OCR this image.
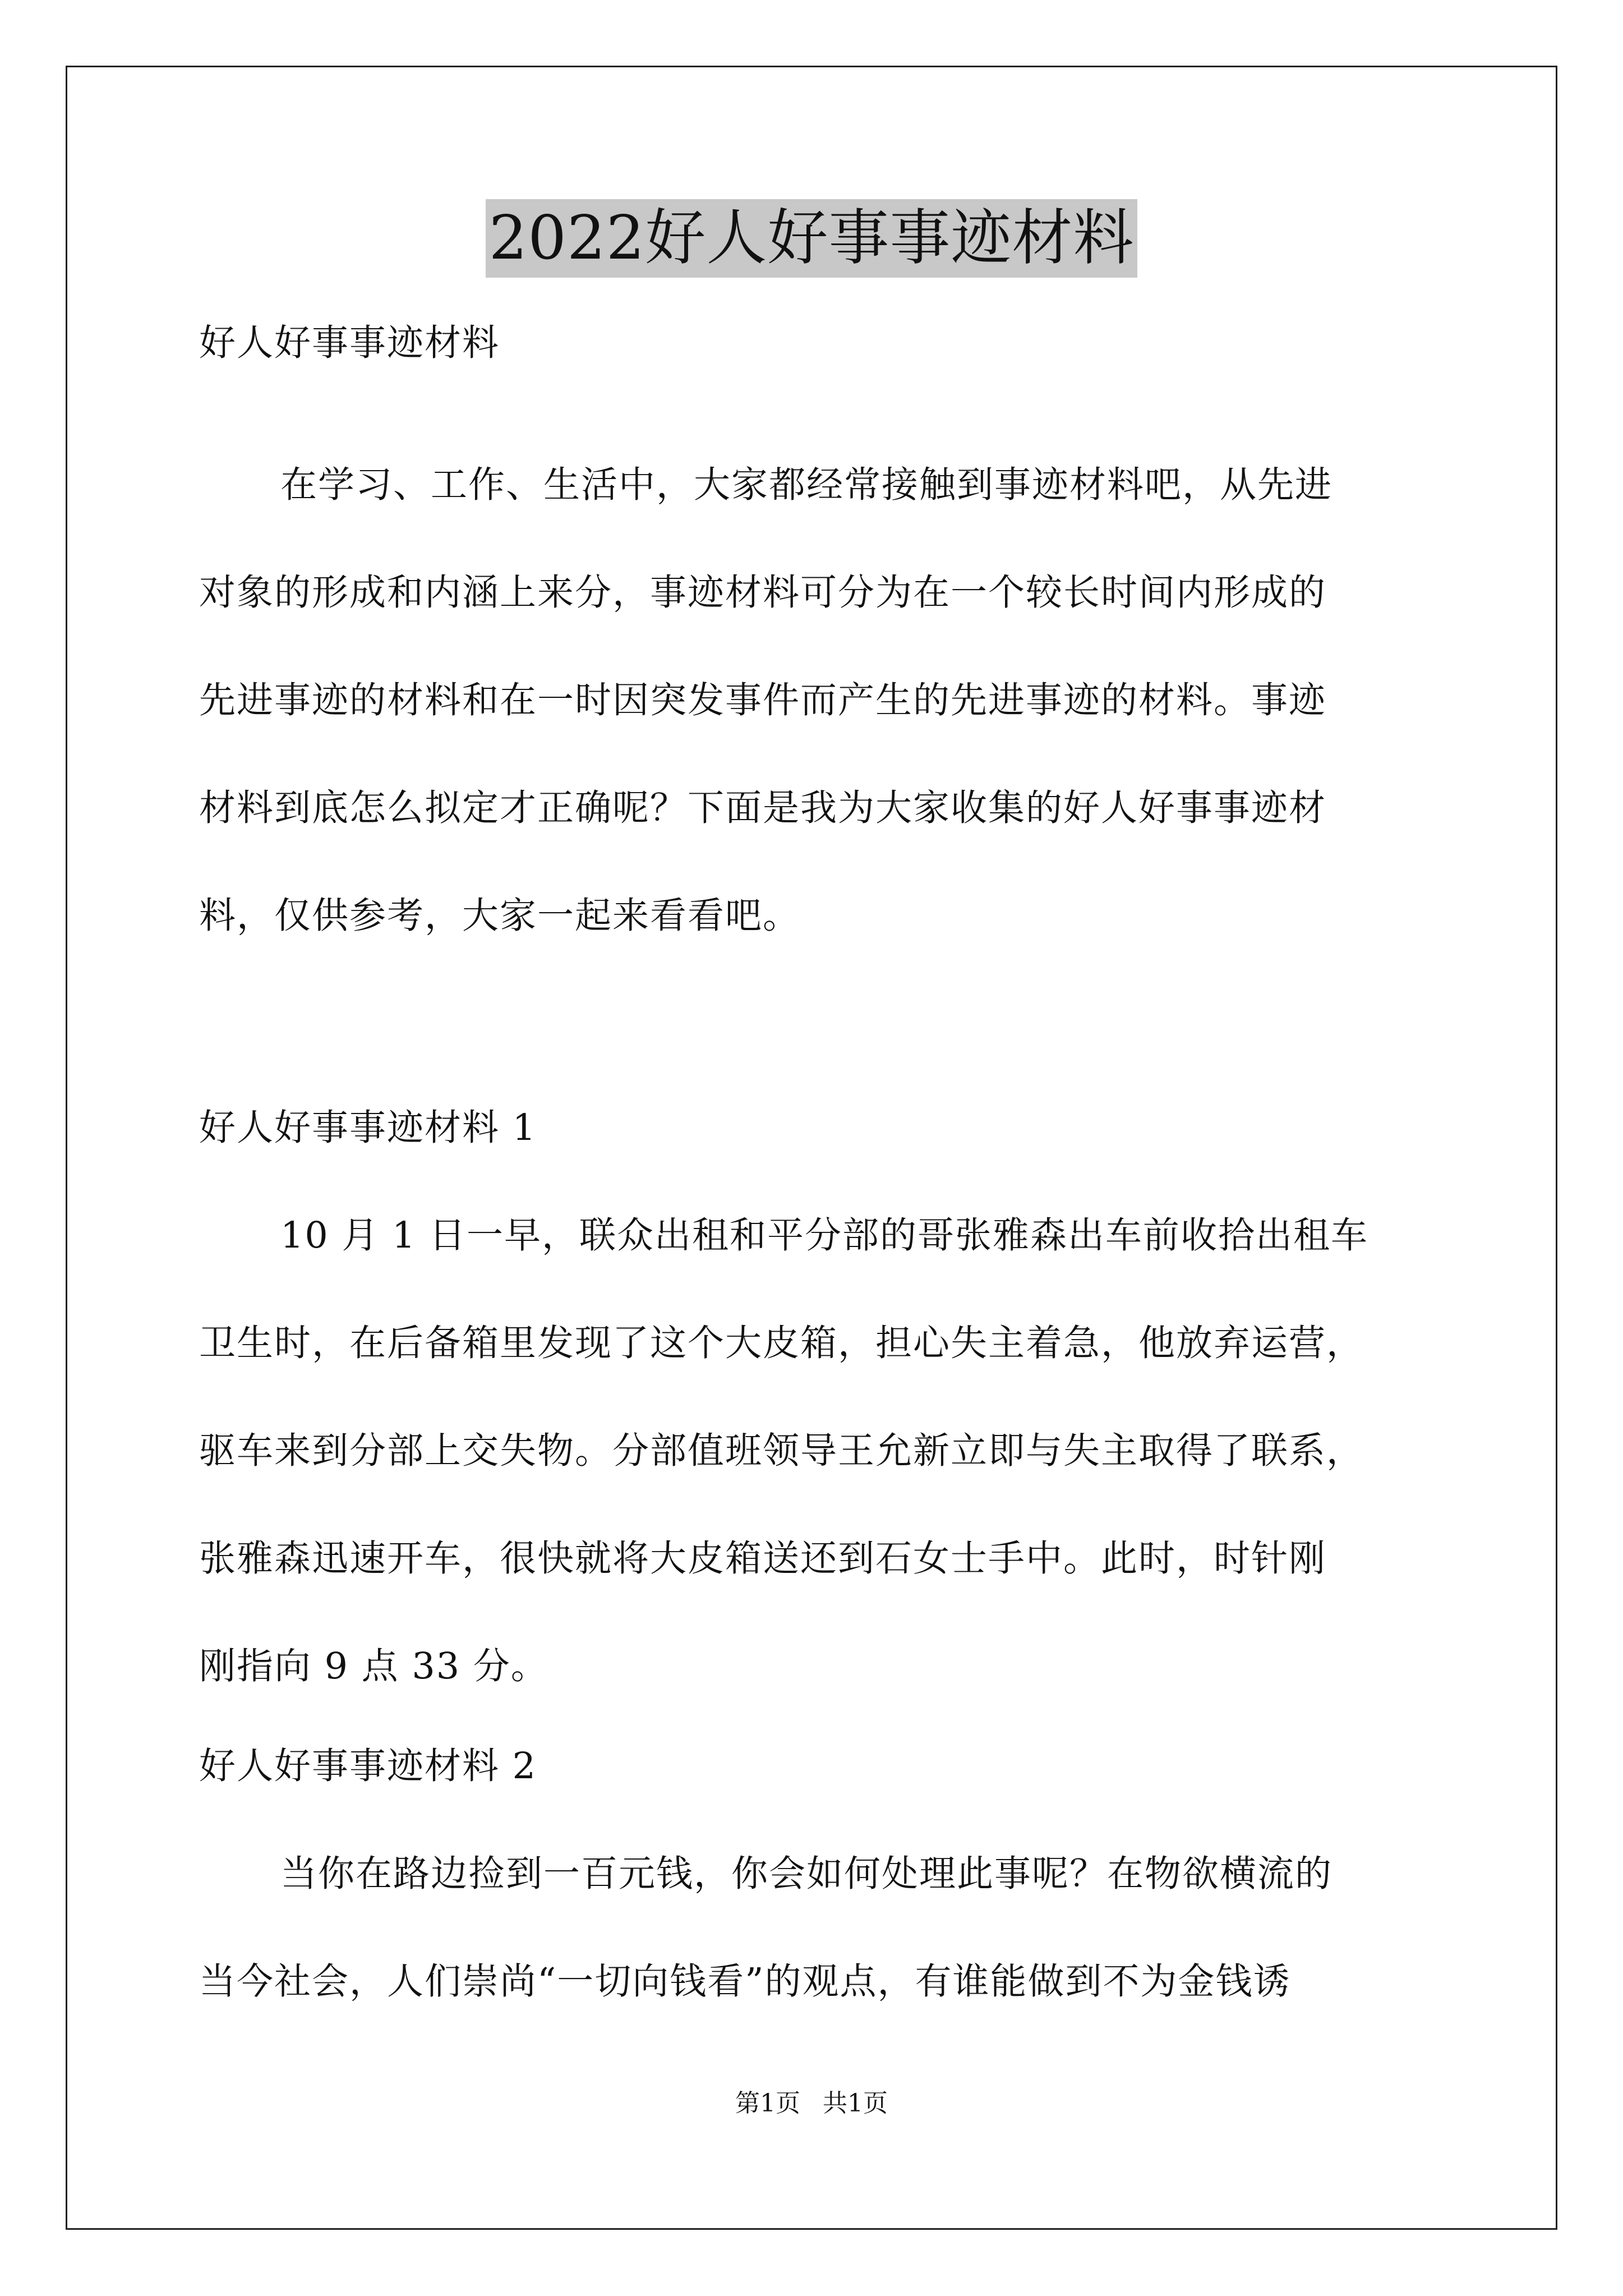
2022好人好事事迹材料
好人好事事迹材料
在学习、工作、生活中，大家都经常接触到事迹材料吧，从先进
对象的形成和内涵上来分，事迹材料可分为在一个较长时间内形成的
先进事迹的材料和在一时因突发事件而产生的先进事迹的材料。事迹
材料到底怎么拟定才正确呢？下面是我为大家收集的好人好事事迹材
料，仅供参考，大家一起来看看吧。
好人好事事迹材料 1
10 月 1 日一早，联众出租和平分部的哥张雅森出车前收拾出租车
卫生时，在后备箱里发现了这个大皮箱，担心失主着急，他放弃运营，
驱车来到分部上交失物。分部值班领导王允新立即与失主取得了联系，
张雅森迅速开车，很快就将大皮箱送还到石女士手中。此时，时针刚
刚指向 9 点 33 分。
好人好事事迹材料 2
当你在路边捡到一百元钱，你会如何处理此事呢？在物欲横流的
当今社会，人们崇尚“一切向钱看”的观点，有谁能做到不为金钱诱
第1页 共1页
